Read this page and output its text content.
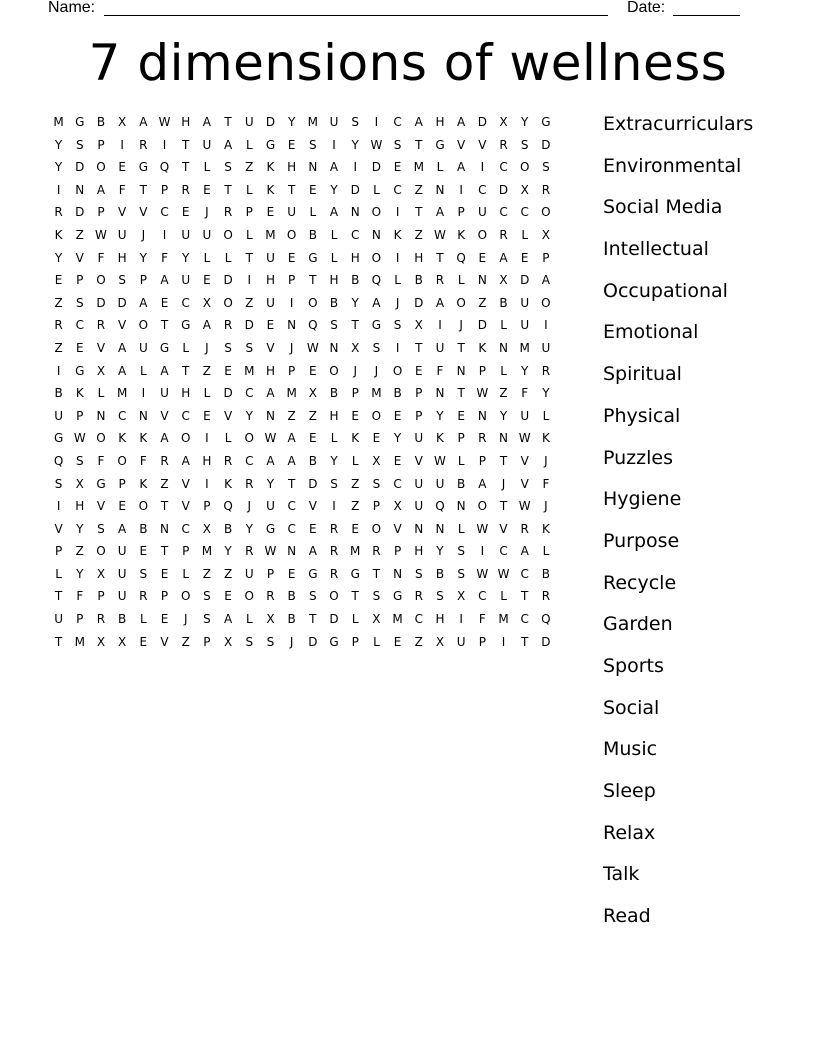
Name:	Date:
7 dimensions of wellness
M G	B	X	A W H	A	T	U	D	Y	M U	S	I	C	A	H	A	D	X	Y	G
Y	S	P	I	R	I	T	U	A	L	G	E	S	I	Y W S	T	G	V	V	R	S	D
Y	D O	E	G Q	T	L	S	Z	K	H	N	A	I	D	E	M	L	A	I	C	O	S
I	N	A	F	T	P	R	E	T	L	K	T	E	Y	D	L	C	Z	N	I	C	D	X	R
R	D	P	V	V	C	E	J	R	P	E	U	L	A	N O	I	T	A	P	U	C	C	O
K	Z W U	J	I	U	U	O	L	M O	B	L	C	N	K	Z W K	O	R	L	X
Y	V	F	H	Y	F	Y	L	L	T	U	E	G	L	H O	I	H	T	Q	E	A	E	P
E	P	O	S	P	A	U	E	D	I	H	P	T	H	B	Q	L	B	R	L	N	X	D	A
Z	S	D D	A	E	C	X	O	Z	U	I	O	B	Y	A	J	D	A	O	Z	B	U	O
R	C	R	V	O	T	G	A	R	D	E	N Q	S	T	G	S	X	I	J	D	L	U	I
Z	E	V	A	U	G	L	J	S	S	V	J	W N	X	S	I	T	U	T	K	N M U
I	G	X	A	L	A	T	Z	E	M H	P	E	O	J	J	O	E	F	N	P	L	Y	R
B	K	L	M	I	U	H	L	D	C	A M X	B	P	M B	P	N	T W Z	F	Y
U	P	N	C	N	V	C	E	V	Y	N	Z	Z	H	E	O	E	P	Y	E	N	Y	U	L
G W O	K	K	A	O	I	L	O W A	E	L	K	E	Y	U	K	P	R	N W K
Q	S	F	O	F	R	A	H	R	C	A	A	B	Y	L	X	E	V W L	P	T	V	J
S	X	G	P	K	Z	V	I	K	R	Y	T	D	S	Z	S	C	U	U	B	A	J	V	F
I	H	V	E	O	T	V	P	Q	J	U	C	V	I	Z	P	X	U	Q N O	T W	J
V	Y	S	A	B	N	C	X	B	Y	G	C	E	R	E	O	V	N	N	L W V	R	K
P	Z	O	U	E	T	P	M	Y	R W N	A	R M R	P	H	Y	S	I	C	A	L
L	Y	X	U	S	E	L	Z	Z	U	P	E	G	R	G	T	N	S	B	S W W C	B
T	F	P	U	R	P	O	S	E	O	R	B	S	O	T	S	G	R	S	X	C	L	T	R
U	P	R	B	L	E	J	S	A	L	X	B	T	D	L	X M C	H	I	F	M C	Q
T	M X	X	E	V	Z	P	X	S	S	J	D G	P	L	E	Z	X	U	P	I	T	D
Extracurriculars
Environmental
Social Media
Intellectual
Occupational
Emotional
Spiritual
Physical
Puzzles
Hygiene
Purpose
Recycle
Garden
Sports
Social
Music
Sleep
Relax
Talk
Read
